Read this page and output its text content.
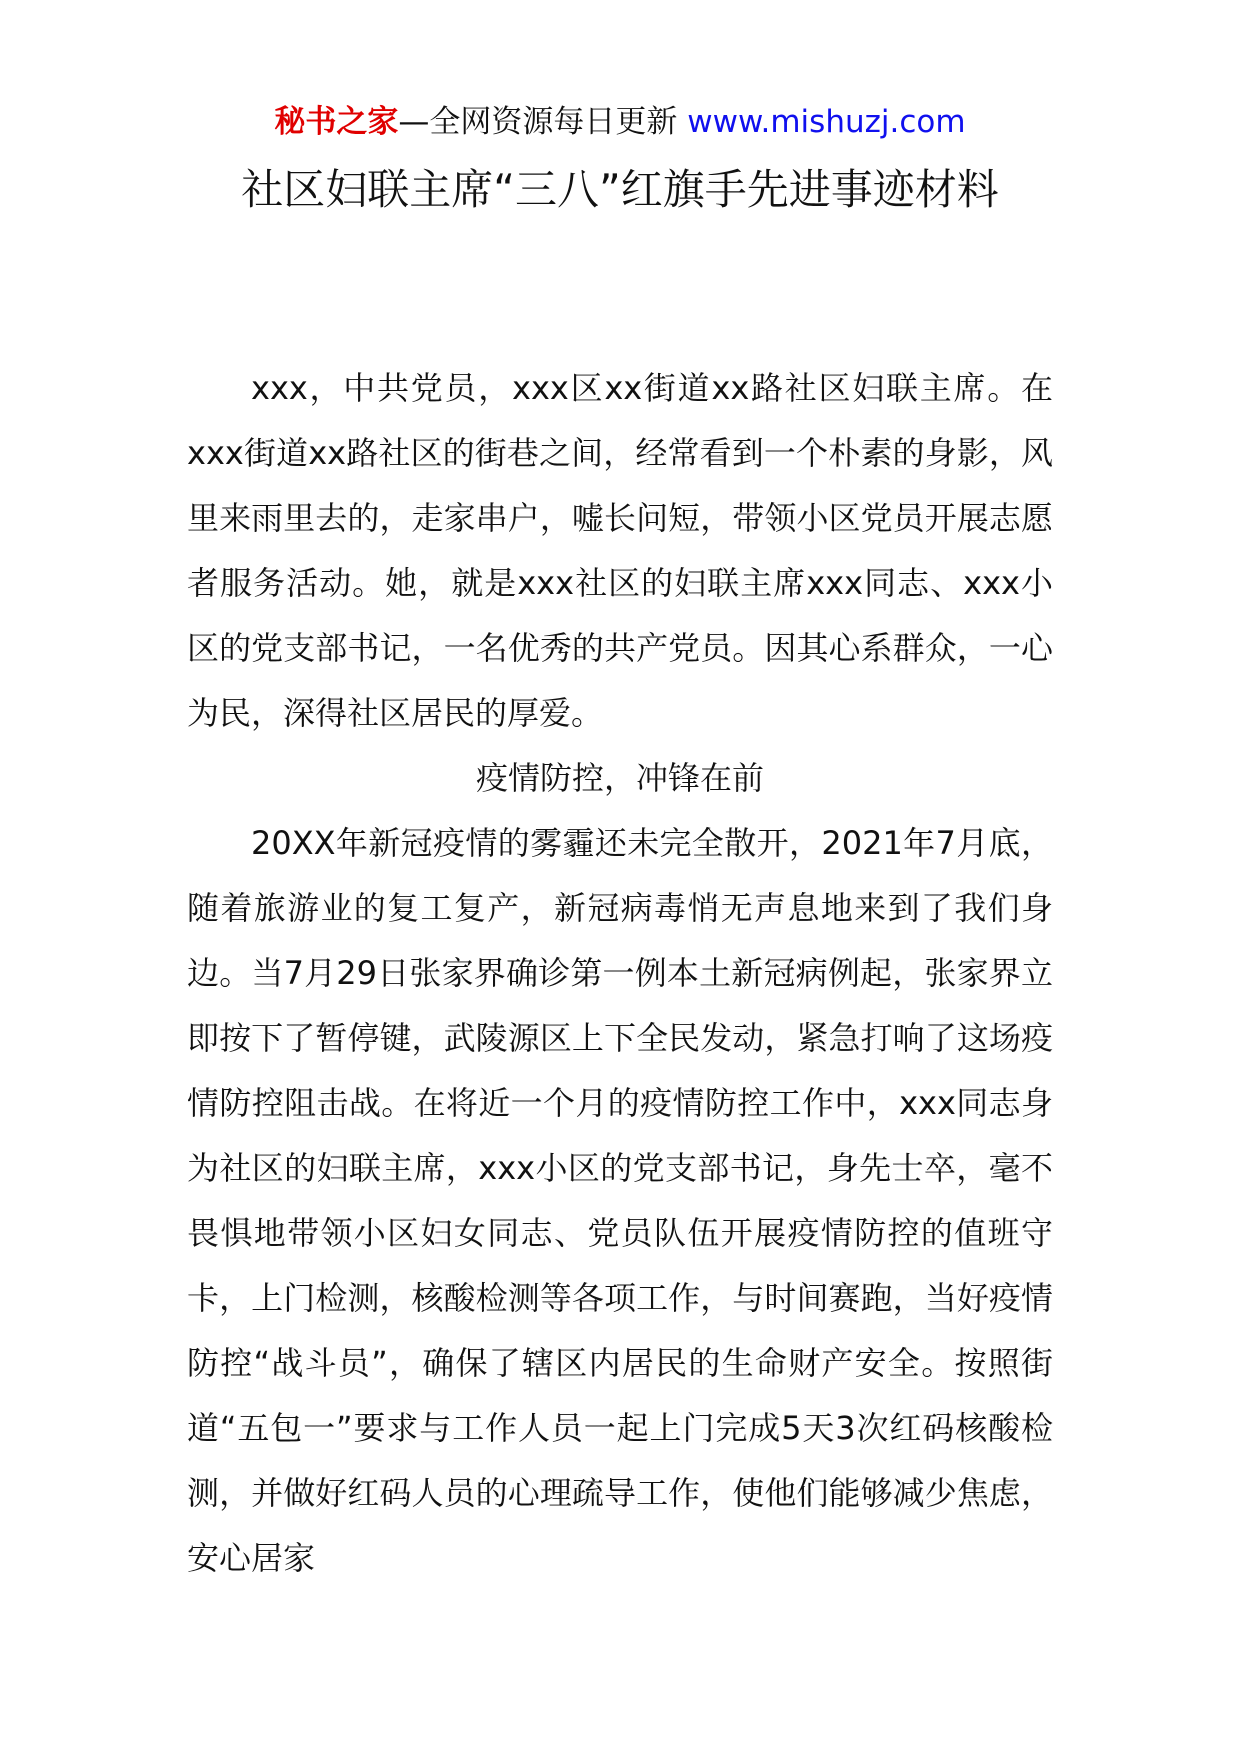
秘书之家—全网资源每日更新 www.mishuzj.com
社区妇联主席“三八”红旗手先进事迹材料

xxx，中共党员，xxx区xx街道xx路社区妇联主席。在xxx街道xx路社区的街巷之间，经常看到一个朴素的身影，风里来雨里去的，走家串户，嘘长问短，带领小区党员开展志愿者服务活动。她，就是xxx社区的妇联主席xxx同志、xxx小区的党支部书记，一名优秀的共产党员。因其心系群众，一心为民，深得社区居民的厚爱。

疫情防控，冲锋在前

20XX年新冠疫情的雾霾还未完全散开，2021年7月底，随着旅游业的复工复产，新冠病毒悄无声息地来到了我们身边。当7月29日张家界确诊第一例本土新冠病例起，张家界立即按下了暂停键，武陵源区上下全民发动，紧急打响了这场疫情防控阻击战。在将近一个月的疫情防控工作中，xxx同志身为社区的妇联主席，xxx小区的党支部书记，身先士卒，毫不畏惧地带领小区妇女同志、党员队伍开展疫情防控的值班守卡，上门检测，核酸检测等各项工作，与时间赛跑，当好疫情防控“战斗员”，确保了辖区内居民的生命财产安全。按照街道“五包一”要求与工作人员一起上门完成5天3次红码核酸检测，并做好红码人员的心理疏导工作，使他们能够减少焦虑，安心居家
